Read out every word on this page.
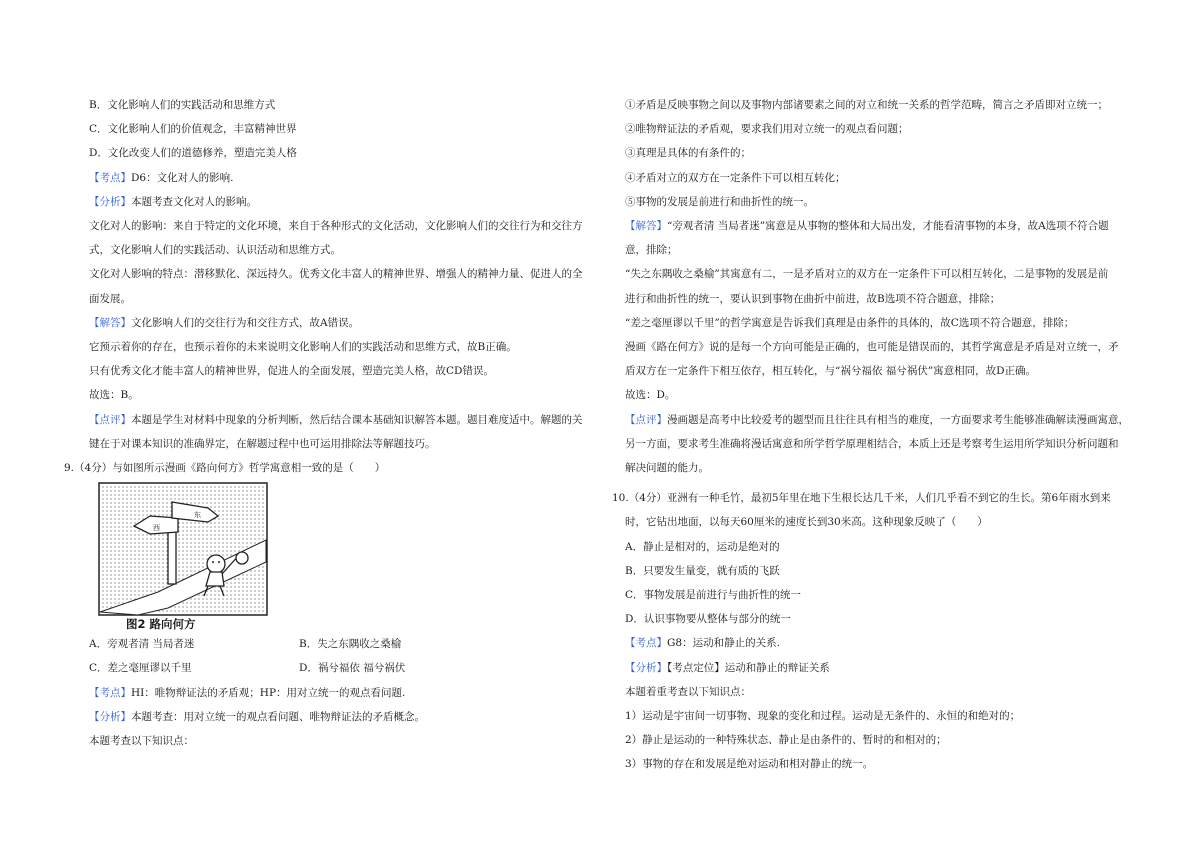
B．文化影响人们的实践活动和思维方式
C．文化影响人们的价值观念，丰富精神世界
D．文化改变人们的道德修养，塑造完美人格
【考点】D6：文化对人的影响.
【分析】本题考查文化对人的影响。
文化对人的影响：来自于特定的文化环境，来自于各种形式的文化活动，文化影响人们的交往行为和交往方
式，文化影响人们的实践活动、认识活动和思维方式。
文化对人影响的特点：潜移默化、深远持久。优秀文化丰富人的精神世界、增强人的精神力量、促进人的全
面发展。
【解答】文化影响人们的交往行为和交往方式，故A错误。
它预示着你的存在，也预示着你的未来说明文化影响人们的实践活动和思维方式，故B正确。
只有优秀文化才能丰富人的精神世界，促进人的全面发展，塑造完美人格，故CD错误。
故选：B。
【点评】本题是学生对材料中现象的分析判断，然后结合课本基础知识解答本题。题目难度适中。解题的关
键在于对课本知识的准确界定，在解题过程中也可运用排除法等解题技巧。
9.（4分）与如图所示漫画《路向何方》哲学寓意相一致的是（　　）
西
东
图2 路向何方
A．旁观者清 当局者迷	B．失之东隅收之桑榆
C．差之毫厘谬以千里	D．祸兮福依 福兮祸伏
【考点】HI：唯物辩证法的矛盾观；HP：用对立统一的观点看问题.
【分析】本题考查：用对立统一的观点看问题、唯物辩证法的矛盾概念。
本题考查以下知识点：
①矛盾是反映事物之间以及事物内部诸要素之间的对立和统一关系的哲学范畴，简言之矛盾即对立统一；
②唯物辩证法的矛盾观，要求我们用对立统一的观点看问题；
③真理是具体的有条件的；
④矛盾对立的双方在一定条件下可以相互转化；
⑤事物的发展是前进行和曲折性的统一。
【解答】“旁观者清 当局者迷”寓意是从事物的整体和大局出发，才能看清事物的本身，故A选项不符合题
意，排除；
“失之东隅收之桑榆”其寓意有二，一是矛盾对立的双方在一定条件下可以相互转化，二是事物的发展是前
进行和曲折性的统一，要认识到事物在曲折中前进，故B选项不符合题意，排除；
“差之毫厘谬以千里”的哲学寓意是告诉我们真理是由条件的具体的，故C选项不符合题意，排除；
漫画《路在何方》说的是每一个方向可能是正确的，也可能是错误而的，其哲学寓意是矛盾是对立统一，矛
盾双方在一定条件下相互依存，相互转化，与“祸兮福依 福兮祸伏”寓意相同，故D正确。
故选：D。
【点评】漫画题是高考中比较爱考的题型而且往往具有相当的难度，一方面要求考生能够准确解读漫画寓意，
另一方面，要求考生准确将漫话寓意和所学哲学原理相结合，本质上还是考察考生运用所学知识分析问题和
解决问题的能力。
10.（4分）亚洲有一种毛竹，最初5年里在地下生根长达几千米，人们几乎看不到它的生长。第6年雨水到来
时，它钻出地面，以每天60厘米的速度长到30米高。这种现象反映了（　　）
A．静止是相对的，运动是绝对的
B．只要发生量变，就有质的飞跃
C．事物发展是前进行与曲折性的统一
D．认识事物要从整体与部分的统一
【考点】G8：运动和静止的关系.
【分析】【考点定位】运动和静止的辩证关系
本题着重考查以下知识点：
1）运动是宇宙间一切事物、现象的变化和过程。运动是无条件的、永恒的和绝对的；
2）静止是运动的一种特殊状态、静止是由条件的、暂时的和相对的；
3）事物的存在和发展是绝对运动和相对静止的统一。
